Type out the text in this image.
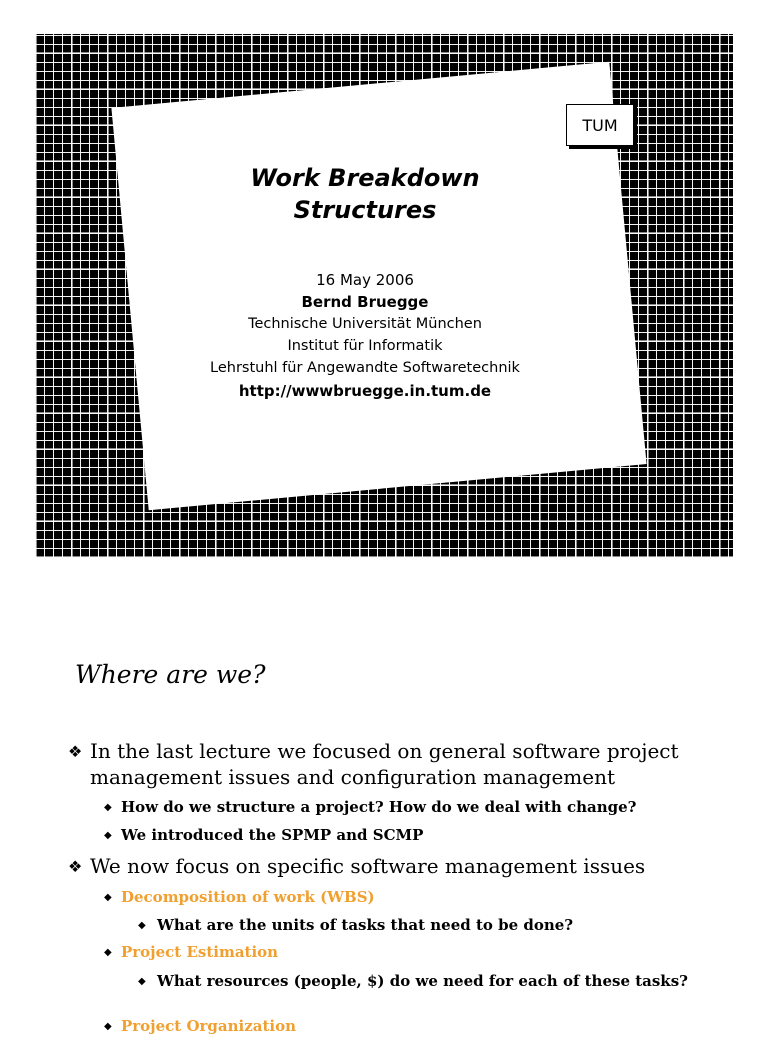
TUM
Work Breakdown
Structures
16 May 2006
Bernd Bruegge
Technische Universität München
Institut für Informatik
Lehrstuhl für Angewandte Softwaretechnik
http://wwwbruegge.in.tum.de
Where are we?
❖ In the last lecture we focused on general software project management issues and configuration management
◆ How do we structure a project? How do we deal with change?
◆ We introduced the SPMP and SCMP
❖ We now focus on specific software management issues
◆ Decomposition of work (WBS)
◆ What are the units of tasks that need to be done?
◆ Project Estimation
◆ What resources (people, $) do we need for each of these tasks?
◆ Project Organization
